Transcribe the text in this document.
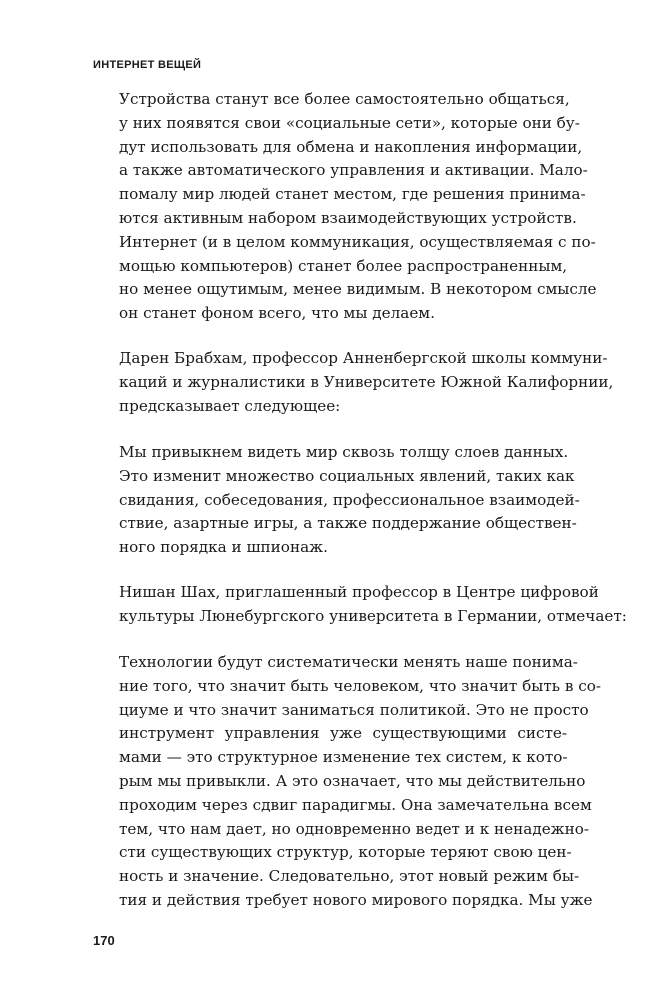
ИНТЕРНЕТ ВЕЩЕЙ

Устройства станут все более самостоятельно общаться,
у них появятся свои «социальные сети», которые они бу-
дут использовать для обмена и накопления информации,
а также автоматического управления и активации. Мало-
помалу мир людей станет местом, где решения принима-
ются активным набором взаимодействующих устройств.
Интернет (и в целом коммуникация, осуществляемая с по-
мощью компьютеров) станет более распространенным,
но менее ощутимым, менее видимым. В некотором смысле
он станет фоном всего, что мы делаем.

Дарен Брабхам, профессор Анненбергской школы коммуни-
каций и журналистики в Университете Южной Калифорнии,
предсказывает следующее:

Мы привыкнем видеть мир сквозь толщу слоев данных.
Это изменит множество социальных явлений, таких как
свидания, собеседования, профессиональное взаимодей-
ствие, азартные игры, а также поддержание обществен-
ного порядка и шпионаж.

Нишан Шах, приглашенный профессор в Центре цифровой
культуры Люнебургского университета в Германии, отмечает:

Технологии будут систематически менять наше понима-
ние того, что значит быть человеком, что значит быть в со-
циуме и что значит заниматься политикой. Это не просто
инструмент управления уже существующими систе-
мами — это структурное изменение тех систем, к кото-
рым мы привыкли. А это означает, что мы действительно
проходим через сдвиг парадигмы. Она замечательна всем
тем, что нам дает, но одновременно ведет и к ненадежно-
сти существующих структур, которые теряют свою цен-
ность и значение. Следовательно, этот новый режим бы-
тия и действия требует нового мирового порядка. Мы уже

170
